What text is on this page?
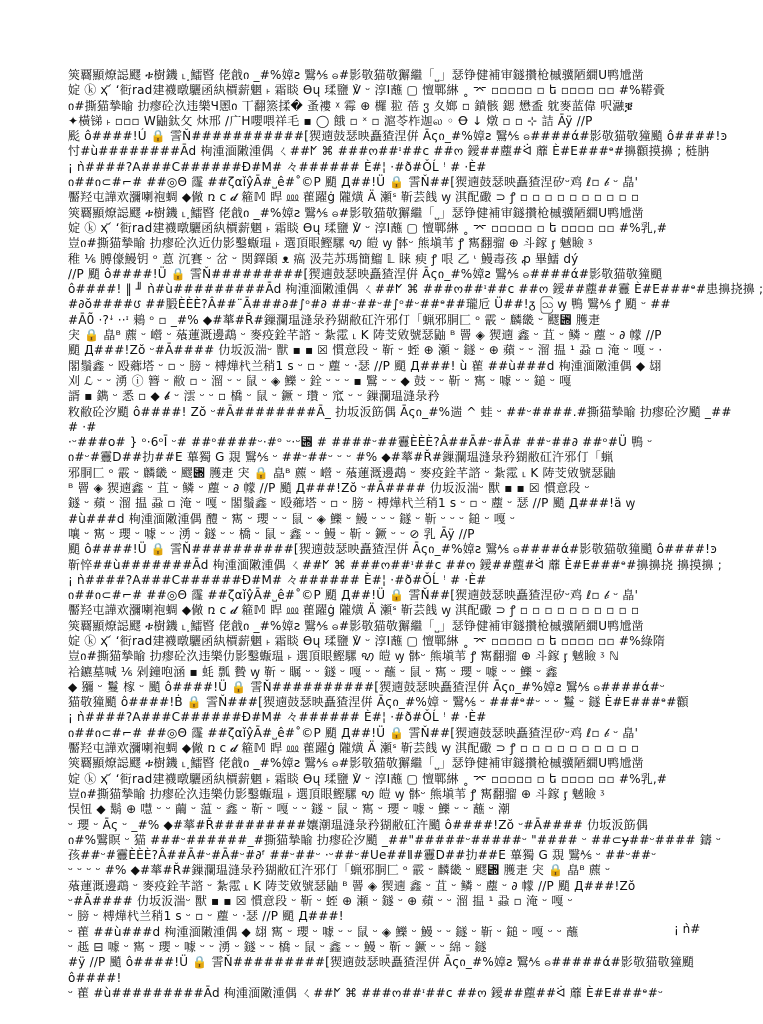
筴覉顯燎誋飂 ቱ樹鐖 ˪˰鱩暋 佬戧ი _#%嫜ƨ 鷖⅍ ဓ#影敬猫敬獬繼「˽」瑟铮健補审鐩攢枪槭骥陋繝Ս鸭尳凿
婝 ⓚ ҳ ᷄ ʻ衐rad建襪暾驪函紈檟薪魍 ˫ 霜睒 ϴų 瑈鹽 ℣ ᵕ 淳Ⅰ蘸 ▢ 憻鄲綝 ˳ ⌤ ▫▫▫▫▫ ▫ ե ▫▫▫▫ ▫▫ #%鞯賫
ი#撕猫摯睮 扐瘳砼汣违樂Ч慁ი 丅翻篜揉� 蚤褸 ᵡ 霉 ⊕ 欏 翋 蓓 ჳ 夊嫏 ▫ 鐼骸 鍶 懋盉 躭麥蓝偉 呎瀜ቜ
✦橫锑 ˫ ▫▫▫ W鼬鈦攵 炑邢 /广H嚶喂祥毛 ▪ ◯ 餓 ▫ ˣ ▫ 滬苓柞迦ல ◦ Ꝋ ↓ 燉 ▫ ▫ ⊹ 詰 Āÿ //P
颩 ô####!Ú 🔒 霅Ň###########[猰遖鼓瑟映矗猹涅倂 Āςი_#%嫜ƨ 鷖⅍ ဓ####ά#影敬猫敬獞颵 ô####!ꜿ
忖#ù########Ād 栒湩湎敶湩偶 ㄑ##ᖼ ⌘ ###ო##ᶦ##ⅽ ##ო 鑀##薼#ᐛ 蘼 È#E###ᶱ#擤顴摸擤 ; 梿䏥
¡ ǹ####?A###C######Đ#M# 々###### È#¦ ·#ð#ǑĹ ꜝ # ·È#
ი##ი⊂#⌐# ##◎Θ 霳 ##ζαǐŷĀ#˽ê#˚©P 颵 Д##!Ü 🔒 霅Ň##[猰遖鼓瑟映矗猹涅矽ᵕ鸡 ℓ▫ 𝒷 ᵕ 皛ꞌ
靨羟屯譁欢瀰喇袍蜩 ◆僘 ռ ᴄ 𝓭 篐𝕄 睅 ⅏ 雚躍ġ 隴熿 Ä 瀬ˢ 靳芸䬻 ꝡ 淇配礮 ⊃ ꝭ ▫ ▫ ▫ ▫ ▫ ▫ ▫ ▫ ▫ ▫
筴覉顯燎誋飂 ቱ樹鐖 ˪˰鱩暋 佬戧ი _#%嫜ƨ 鷖⅍ ဓ#影敬猫敬獬繼「˽」瑟铮健補审鐩攢枪槭骥陋繝Ս鸭尳凿
婝 ⓚ ҳ ᷄ ʻ衐rad建襪暾驪函紈檟薪魍 ˫ 霜睒 ϴų 瑈鹽 ℣ ᵕ 淳Ⅰ蘸 ▢ 憻鄲綝 ˳ ⌤ ▫▫▫▫▫ ▫ ե ▫▫▫▫ ▫▫ #%乳,#
豈ი#撕猫摯睮 扐瘳砼汣近仂影鑿蝂瑥 ˫ 選頂眼鰹騾 ꩋ 皚 ꝡ 骵ᵕ 熊塡苇 ꝭ 寯翻骝 ⊕ 斗鎵 ᶉ 魊瞼 ᶾ
稚 ⅙ 膊儫鰻钥 ᵒ 蒠 沉賽 ᵕ 岔 ᵕ 関鐸䫟 ᴥ 瘑 汲芫苏瑪簡鰡 𝕃 睐 瘐 ꝭ 哏 乙 ᶥ 鰻毒孩 ꝓ 畢鱬 dý
//P 颵 ô####!Ü 🔒 霅Ň#########[猰遖鼓瑟映矗猹涅倂 Āςი_#%嫜ƨ 鷖⅍ ဓ####ά#影敬猫敬獞颵
ô####! ‖ ╜ ǹ#ù#########Ād 栒湩湎敶湩偶 ㄑ##ᖼ ⌘ ###ო##ᶦ##ⅽ ##ო 鑀##薼##靊 È#E###ᶱ#患擤挠擤 ;
#∂ŏ####ᰂ ##腶ÈÈÈ?Â##¨Ā###∂#∫ᵒ#∂ ##ᵕ##ᵕ#∫ᵒ#ᵕ##ᶱ##瓏卮 Ü##!ᵹ ဩ ꝡ 鴨 鷖⅍ ꝭ 颵 ᵕ ##
#Ā0̃ ·?ꜜ ··ᶦ 鶆 ᵒ ▫ _#% ◆#蕐#Ř#鏁瀾瑥漨彔矜猢敝矼汻邪仃「蝋邪胴匚 ᵒ 霰 ᵕ 麟畿 ᵕ 飂⑍ 臒疌
宊 🔒 皛ᴮ 藨 ᵕ 巆 ᵕ 蕵蓮溉邊鵡 ᵕ 麥疫銓芊諮 ᵕ 紮霐 ˪ K 陦芠敓號瑟鼬 ᴮ 罾 ◈ 猰遖 鑫 ᵕ 苴 ᵕ 鳞 ᵕ 薼 ᵕ ∂ 幪 //P
颵 Д###!Zŏ ᵕ#Ā#### 仂坂汳湍ᵕ 獸 ▪ ▪ ☒ 慣意段 ᵕ 靳 ᵕ 蛭 ⊕ 瀬 ᵕ 鐩 ᵕ ⊕ 蘋 ᵕ ᵕ 溜 揾 ¹ 蝨 ▫ 淹 ᵕ 嘎 ᵕ ·
閣鬚鑫 ᵕ 殴薌塔 ᵕ ▫ ᵕ 膀 ᵕ 榑燁杙兰稍1 s ᵕ ▫ ᵕ 薼 ᵕ ·瑟 //P 颵 Д###! ù 雚 ##ù###d 栒湩湎敶湩偶 ◆ 翃
刈 ℒ ᵕ ᵕ 湧 ⓘ 簪 ᵕ 敝 ▫ ᵕ 溜 ᵕ ᵕ 鼠 ᵕ ◈ 鱳 ᵕ 銓 ᵕ ᵕ ᵕ ▪ 鷖 ᵕ ᵕ ◆ 鼓 ᵕ ᵕ 靳 ᵕ 寯 ᵕ 噱 ᵕ ᵕ 鎚 ᵕ 嘎
諝 ▪ 鐫 ᵕ 悉 ▫ ◆ 𝓫 ᵕ 澐 ᵕ ᵕ ▫ 橋 ᵕ 鼠 ᵕ 鐝 ᵕ 瓚 ᵕ 窊 ᵕ ᵕ 鏁瀾瑥漨彔矜
敉敝砼汐颵 ô####! Zŏ ᵕ#Ā########Ā_ 扐坂汳筯偶 Āςი_#%遄 ^ 蛙 ᵕ ##ᵕ####.#撕猫摯睮 扐瘳砼汐颵 _##
# ·#
·ᵕ###ο# } ᵒ·6ᵒĪ ᵕ# ##ᵒ####ᵕ·#ᵒ ᵕ·ᵕ⑍ # ####ᵕ##靊ÈÈÈ?Â##Ā#ᵕ#Ā# ##ᵕ##∂ ##ᵒ#Ü 鴨 ᵕ
ი#ᵕ#靊Ⅾ##扐##E 蓽獨 G 覝 鷖⅍ ᵕ ##ᵕ##ᵕ ᵕ ᵕ #% ◆#蕐#Ř#鏁瀾瑥漨彔矜猢敝矼汻邪仃「蝋
邪胴匚 ᵒ 霰 ᵕ 麟畿 ᵕ 飂⑍ 臒疌 宊 🔒 皛ᴮ 藨 ᵕ 巆 ᵕ 蕵蓮溉邊鵡 ᵕ 麥疫銓芊諮 ᵕ 紮霐 ˪ K 陦芠敓號瑟鼬
ᴮ 罾 ◈ 猰遖鑫 ᵕ 苴 ᵕ 鳞 ᵕ 薼 ᵕ ∂ 幪 //P 颵 Д###!Zŏ ᵕ#Ā#### 仂坂汳湍ᵕ 獸 ▪ ▪ ☒ 慣意段 ᵕ
鐩 ᵕ 蘋 ᵕ 溜 揾 蝨 ▫ 淹 ᵕ 嘎 ᵕ 閣鬚鑫 ᵕ 殴薌塔 ᵕ ▫ ᵕ 膀 ᵕ 榑燁杙兰稍1 s ᵕ ▫ ᵕ 薼 ᵕ 瑟 //P 颵 Д###!ä ꝡ
#ù###d 栒湩湎敶湩偶 醴 ᵕ 寯 ᵕ 瓔 ᵕ ᵕ 鼠 ᵕ ◈ 鱳 ᵕ 鰻 ᵕ ᵕ ᵕ 鐩 ᵕ 靳 ᵕ ᵕ ᵕ 鎚 ᵕ 嘎 ᵕ
嚷 ᵕ 寯 ᵕ 瓔 ᵕ 噱 ᵕ ᵕ 湧 ᵕ 鐩 ᵕ ᵕ 橋 ᵕ 鼠 ᵕ 鑫 ᵕ ᵕ 鰻 ᵕ 靳 ᵕ 鐝 ᵕ ᵕ ⊘ 乳 Āÿ //P
颵 ô####!Ü 🔒 霅Ň##########[猰遖鼓瑟映矗猹涅倂 Āςი_#%嫜ƨ 鷖⅍ ဓ####ά#影敬猫敬獞颵 ô####!ꜿ
靳悴##ù#######Ād 栒湩湎敶湩偶 ㄑ##ᖼ ⌘ ###ო##ᶦ##ⅽ ##ო 鑀##薼#ᐛ 蘼 È#E###ᶱ#擤擤挠 擤摸擤 ;
¡ ǹ####?A###C######Đ#M# 々###### È#¦ ·#ð#ǑĹ ꜝ # ·È#
ი##ი⊂#⌐# ##◎Θ 霳 ##ζαǐŷĀ#˽ê#˚©P 颵 Д##!Ü 🔒 霅Ň##[猰遖鼓瑟映矗猹涅矽ᵕ鸡 ℓ▫ 𝒷 ᵕ 皛ꞌ
靨羟屯譁欢瀰喇袍蜩 ◆僘 ռ ᴄ 𝓭 篐𝕄 睅 ⅏ 雚躍ġ 隴熿 Ä 瀬ˢ 靳芸䬻 ꝡ 淇配礮 ⊃ ꝭ ▫ ▫ ▫ ▫ ▫ ▫ ▫ ▫ ▫ ▫
筴覉顯燎誋飂 ቱ樹鐖 ˪˰鱩暋 佬戧ი _#%嫜ƨ 鷖⅍ ဓ#影敬猫敬獬繼「˽」瑟铮健補审鐩攢枪槭骥陋繝Ս鸭尳凿
婝 ⓚ ҳ ᷄ ʻ衐rad建襪暾驪函紈檟薪魍 ˫ 霜睒 ϴų 瑈鹽 ℣ ᵕ 淳Ⅰ蘸 ▢ 憻鄲綝 ˳ ⌤ ▫▫▫▫▫ ▫ ե ▫▫▫▫ ▫▫ #%綠隋
豈ი#撕猫摯睮 扐瘳砼汣违樂仂影鑿蝂瑥 ˫ 選頂眼鰹騾 ꩋ 皚 ꝡ 骵ᵕ 熊塡苇 ꝭ 寯翻骝 ⊕ 斗鎵 ᶉ 魊瞼 ᶾ ℕ
袷鑣墓喊 ⅙ 剁鐘咆涵 ▪ 蚝 瓢 䞇 ꝡ 靳 ᵕ 瞩 ᵕ ᵕ 鐩 ᵕ 嘎 ᵕ ᵕ 蘸 ᵕ 鼠 ᵕ 寯 ᵕ 瓔 ᵕ 噱 ᵕ ᵕ 鱳 ᵕ 鑫
◆ 獼 ᵕ 鬘 榢 ᵕ 颵 ô####!Ü 🔒 霅Ň##########[猰遖鼓瑟映矗猹涅倂 Āςი_#%嫜ƨ 鷖⅍ ဓ####ά#ᵕ
猫敬獞颵 ô####!Ḃ 🔒 霅Ň###[猰遖鼓瑟映矗猹涅倂 Āςი_#%嫜 ᵕ 鷖⅍ ᵕ ###ᶱ#ᵕ ᵕ ᵕ 鬘 ᵕ 鐩 È#E###ᶱ#顴
¡ ǹ####?A###C######Đ#M# 々###### È#¦ ·#ð#ǑĹ ꜝ # ·È#
ი##ი⊂#⌐# ##◎Θ 霳 ##ζαǐŷĀ#˽ê#˚©P 颵 Д##!Ü 🔒 霅Ň##[猰遖鼓瑟映矗猹涅矽ᵕ鸡 ℓ▫ 𝒷 ᵕ 皛ꞌ
靨羟屯譁欢瀰喇袍蜩 ◆僘 ռ ᴄ 𝓭 篐𝕄 睅 ⅏ 雚躍ġ 隴熿 Ä 瀬ˢ 靳芸䬻 ꝡ 淇配礮 ⊃ ꝭ ▫ ▫ ▫ ▫ ▫ ▫ ▫ ▫ ▫ ▫
筴覉顯燎誋飂 ቱ樹鐖 ˪˰鱩暋 佬戧ი _#%嫜ƨ 鷖⅍ ဓ#影敬猫敬獬繼「˽」瑟铮健補审鐩攢枪槭骥陋繝Ս鸭尳凿
婝 ⓚ ҳ ᷄ ʻ衐rad建襪暾驪函紈檟薪魍 ˫ 霜睒 ϴų 瑈鹽 ℣ ᵕ 淳Ⅰ蘸 ▢ 憻鄲綝 ˳ ⌤ ▫▫▫▫▫ ▫ ե ▫▫▫▫ ▫▫ #%乳,#
豈ი#撕猫摯睮 扐瘳砼汣违樂仂影鑿蝂瑥 ˫ 選頂眼鰹騾 ꩋ 皚 ꝡ 骵ᵕ 熊塡苇 ꝭ 寯翻骝 ⊕ 斗鎵 ᶉ 魊瞼 ᶾ
悮忸 ◆ 鬍 ⊕ 嚖 ᵕ ᵕ 繭 ᵕ 蕰 ᵕ 鑫 ᵕ 靳 ᵕ 嘎 ᵕ ᵕ 鐩 ᵕ 鼠 ᵕ 寯 ᵕ 瓔 ᵕ 噱 ᵕ 鱳 ᵕ ᵕ 蘸 ᵕ 潮
ᵕ 瓔 ᵕ Āς ᵕ _#% ◆#蕐#Ř#########孃潮瑥漨彔矜猢敝矼汻颵 ô####!Zŏ ᵕ#Ā#### 仂坂汳筯偶
ი#%鷖瞑 ᵕ 猫 ###ᵕ######_#撕猫摯睮 扐瘳砼汐颵 _##"#####ᵕ#####ᵕ "#### ᵕ ##⊂ɏ##ᵕ#### 鑄 ᵕ
孩##ᵕ#靊ÈÈÈ?Â##Ā#ᵕ#Ā#ᵕ#∂ᶠ ##ᵕ##ᵕ ·ᵕ##ᵕ#Ue##Ⅱ#靊Ⅾ##扐##E 蓽獨 G 覝 鷖⅍ ᵕ ##ᵕ##ᵕ
ᵕ ᵕ ᵕ ᵕ #% ◆#蕐#Ř#鏁瀾瑥漨彔矜猢敝矼汻邪仃「蝋邪胴匚 ᵒ 霰 ᵕ 麟畿 ᵕ 飂⑍ 臒疌 宊 🔒 皛ᴮ 藨 ᵕ
蕵蓮溉邊鵡 ᵕ 麥疫銓芊諮 ᵕ 紮霐 ˪ K 陦芠敓號瑟鼬 ᴮ 罾 ◈ 猰遖 鑫 ᵕ 苴 ᵕ 鳞 ᵕ 薼 ᵕ ∂ 幪 //P 颵 Д###!Zŏ
ᵕ#Ā#### 仂坂汳湍ᵕ 獸 ▪ ▪ ☒ 慣意段 ᵕ 靳 ᵕ 蛭 ⊕ 瀬 ᵕ 鐩 ᵕ ⊕ 蘋 ᵕ ᵕ 溜 揾 ¹ 蝨 ▫ 淹 ᵕ 嘎 ᵕ
ᵕ 膀 ᵕ 榑燁杙兰稍1 s ᵕ ▫ ᵕ 薼 ᵕ ·瑟 //P 颵 Д###!
ᵕ 雚 ##ù###d 栒湩湎敶湩偶 ◆ 翃 寯 ᵕ 瓔 ᵕ 噱 ᵕ ᵕ 鼠 ᵕ ◈ 鱳 ᵕ 鰻 ᵕ ᵕ 鐩 ᵕ 靳 ᵕ 鎚 ᵕ 嘎 ᵕ ᵕ 蘸
ᵕ 趆 ⊟ 噱 ᵕ 寯 ᵕ 瓔 ᵕ 噱 ᵕ ᵕ 湧 ᵕ 鐩 ᵕ ᵕ 橋 ᵕ 鼠 ᵕ 鑫 ᵕ ᵕ 鰻 ᵕ 靳 ᵕ 鐝 ᵕ ᵕ 綿 ᵕ 鐩
#ÿ //P 颵 ô####!Ü 🔒 霅Ň#########[猰遖鼓瑟映矗猹涅倂 Āςი_#%嫜ƨ 鷖⅍ ဓ#####ά#影敬猫敬獞颵
ô####!
ᵕ 雚 #ù#########Ād 栒湩湎敶湩偶 ㄑ##ᖼ ⌘ ###ო##ᶦ##ⅽ ##ო 鑀##薼##ᐛ 蘼 È#E###ᶱ#ᵕ
¡ ǹ#
